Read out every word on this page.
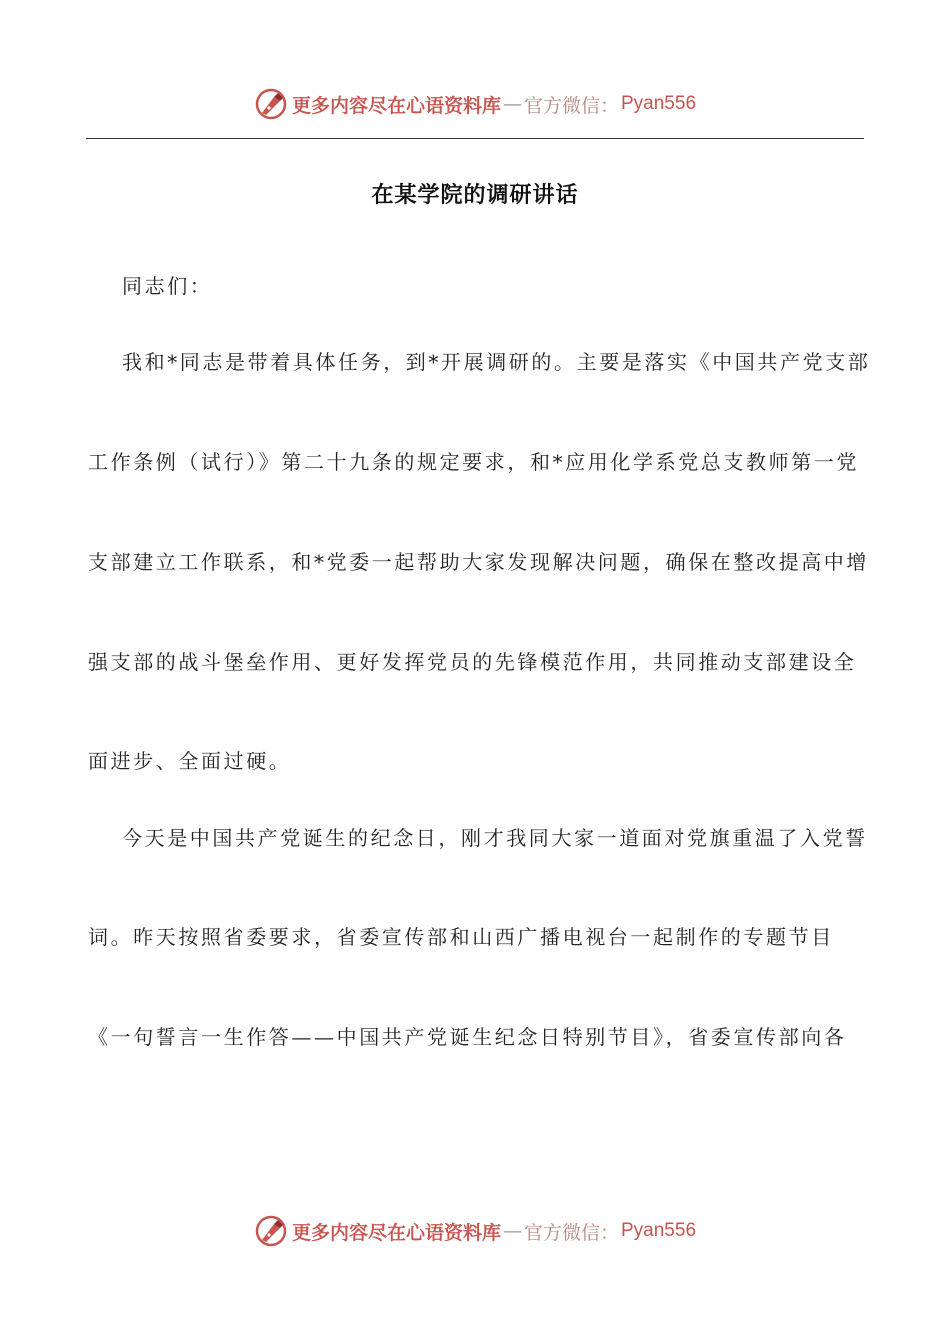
更多内容尽在心语资料库 — 官方微信： Pyan556
在某学院的调研讲话
同志们：
我和*同志是带着具体任务，到*开展调研的。主要是落实《中国共产党支部
工作条例（试行）》第二十九条的规定要求，和*应用化学系党总支教师第一党
支部建立工作联系，和*党委一起帮助大家发现解决问题，确保在整改提高中增
强支部的战斗堡垒作用、更好发挥党员的先锋模范作用，共同推动支部建设全
面进步、全面过硬。
今天是中国共产党诞生的纪念日，刚才我同大家一道面对党旗重温了入党誓
词。昨天按照省委要求，省委宣传部和山西广播电视台一起制作的专题节目
《一句誓言一生作答——中国共产党诞生纪念日特别节目》，省委宣传部向各
更多内容尽在心语资料库 — 官方微信： Pyan556
